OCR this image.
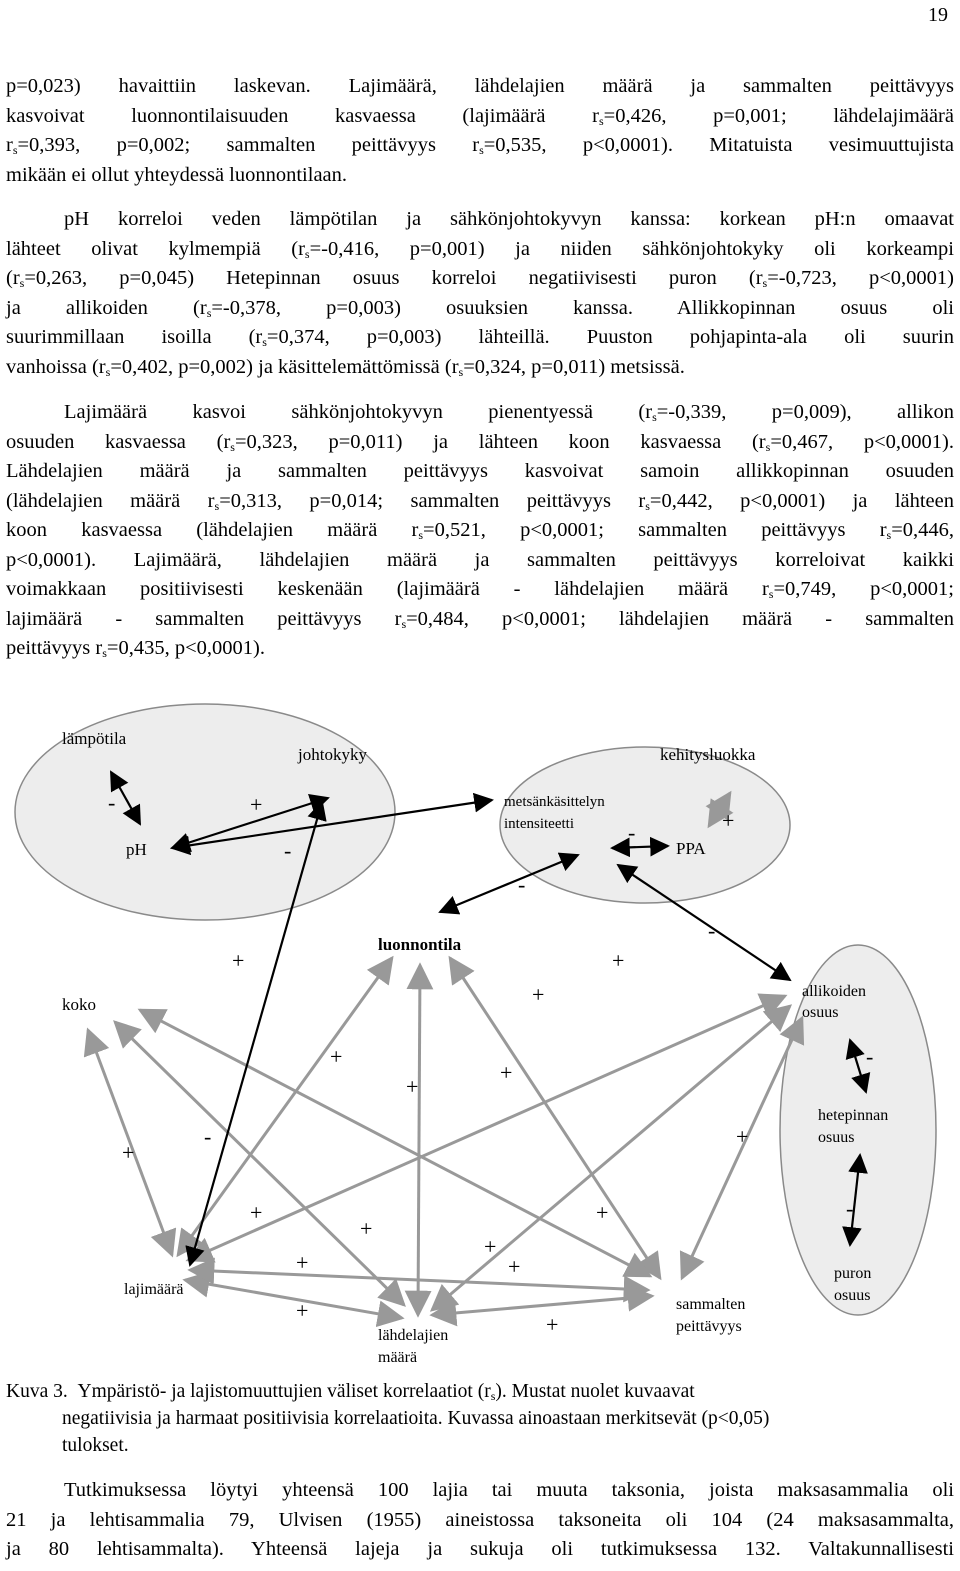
19
p=0,023) havaittiin laskevan. Lajimäärä, lähdelajien määrä ja sammalten peittävyys
kasvoivat luonnontilaisuuden kasvaessa (lajimäärä $r_s=0,426$, p=0,001; lähdelajimäärä
$r_s=0,393$, p=0,002; sammalten peittävyys $r_s=0,535$, p<0,0001). Mitatuista vesimuuttujista
mikään ei ollut yhteydessä luonnontilaan.
pH korreloi veden lämpötilan ja sähkönjohtokyvyn kanssa: korkean pH:n omaavat
lähteet olivat kylmempiä ($r_s=-0,416$, p=0,001) ja niiden sähkönjohtokyky oli korkeampi
($r_s=0,263$, p=0,045) Hetepinnan osuus korreloi negatiivisesti puron ($r_s=-0,723$, p<0,0001)
ja allikoiden ($r_s=-0,378$, p=0,003) osuuksien kanssa. Allikkopinnan osuus oli
suurimmillaan isoilla ($r_s=0,374$, p=0,003) lähteillä. Puuston pohjapinta-ala oli suurin
vanhoissa ($r_s=0,402$, p=0,002) ja käsittelemättömissä ($r_s=0,324$, p=0,011) metsissä.
Lajimäärä kasvoi sähkönjohtokyvyn pienentyessä ($r_s=-0,339$, p=0,009), allikon
osuuden kasvaessa ($r_s=0,323$, p=0,011) ja lähteen koon kasvaessa ($r_s=0,467$, p<0,0001).
Lähdelajien määrä ja sammalten peittävyys kasvoivat samoin allikkopinnan osuuden
(lähdelajien määrä $r_s=0,313$, p=0,014; sammalten peittävyys $r_s=0,442$, p<0,0001) ja lähteen
koon kasvaessa (lähdelajien määrä $r_s=0,521$, p<0,0001; sammalten peittävyys $r_s=0,446$,
p<0,0001). Lajimäärä, lähdelajien määrä ja sammalten peittävyys korreloivat kaikki
voimakkaan positiivisesti keskenään (lajimäärä - lähdelajien määrä $r_s=0,749$, p<0,0001;
lajimäärä - sammalten peittävyys $r_s=0,484$, p<0,0001; lähdelajien määrä - sammalten
peittävyys $r_s=0,435$, p<0,0001).
lämpötila
johtokyky	kehitysluokka
pH
metsänkäsittelyn
intensiteetti
PPA
luonnontila
koko
allikoiden
osuus
hetepinnan
osuus
lajimäärä
puron
osuus
sammalten
peittävyys
lähdelajien
määrä
-	+
-
-	+
-
+
-
+
+
+
+
+
-
+
-	+
+
+
+
+
+	+
+
+
-
Kuva 3. Ympäristö- ja lajistomuuttujien väliset korrelaatiot $(r_s)$. Mustat nuolet kuvaavat
negatiivisia ja harmaat positiivisia korrelaatioita. Kuvassa ainoastaan merkitsevät (p<0,05)
tulokset.
Tutkimuksessa löytyi yhteensä 100 lajia tai muuta taksonia, joista maksasammalia oli
21 ja lehtisammalia 79, Ulvisen (1955) aineistossa taksoneita oli 104 (24 maksasammalta,
ja 80 lehtisammalta). Yhteensä lajeja ja sukuja oli tutkimuksessa 132. Valtakunnallisesti
